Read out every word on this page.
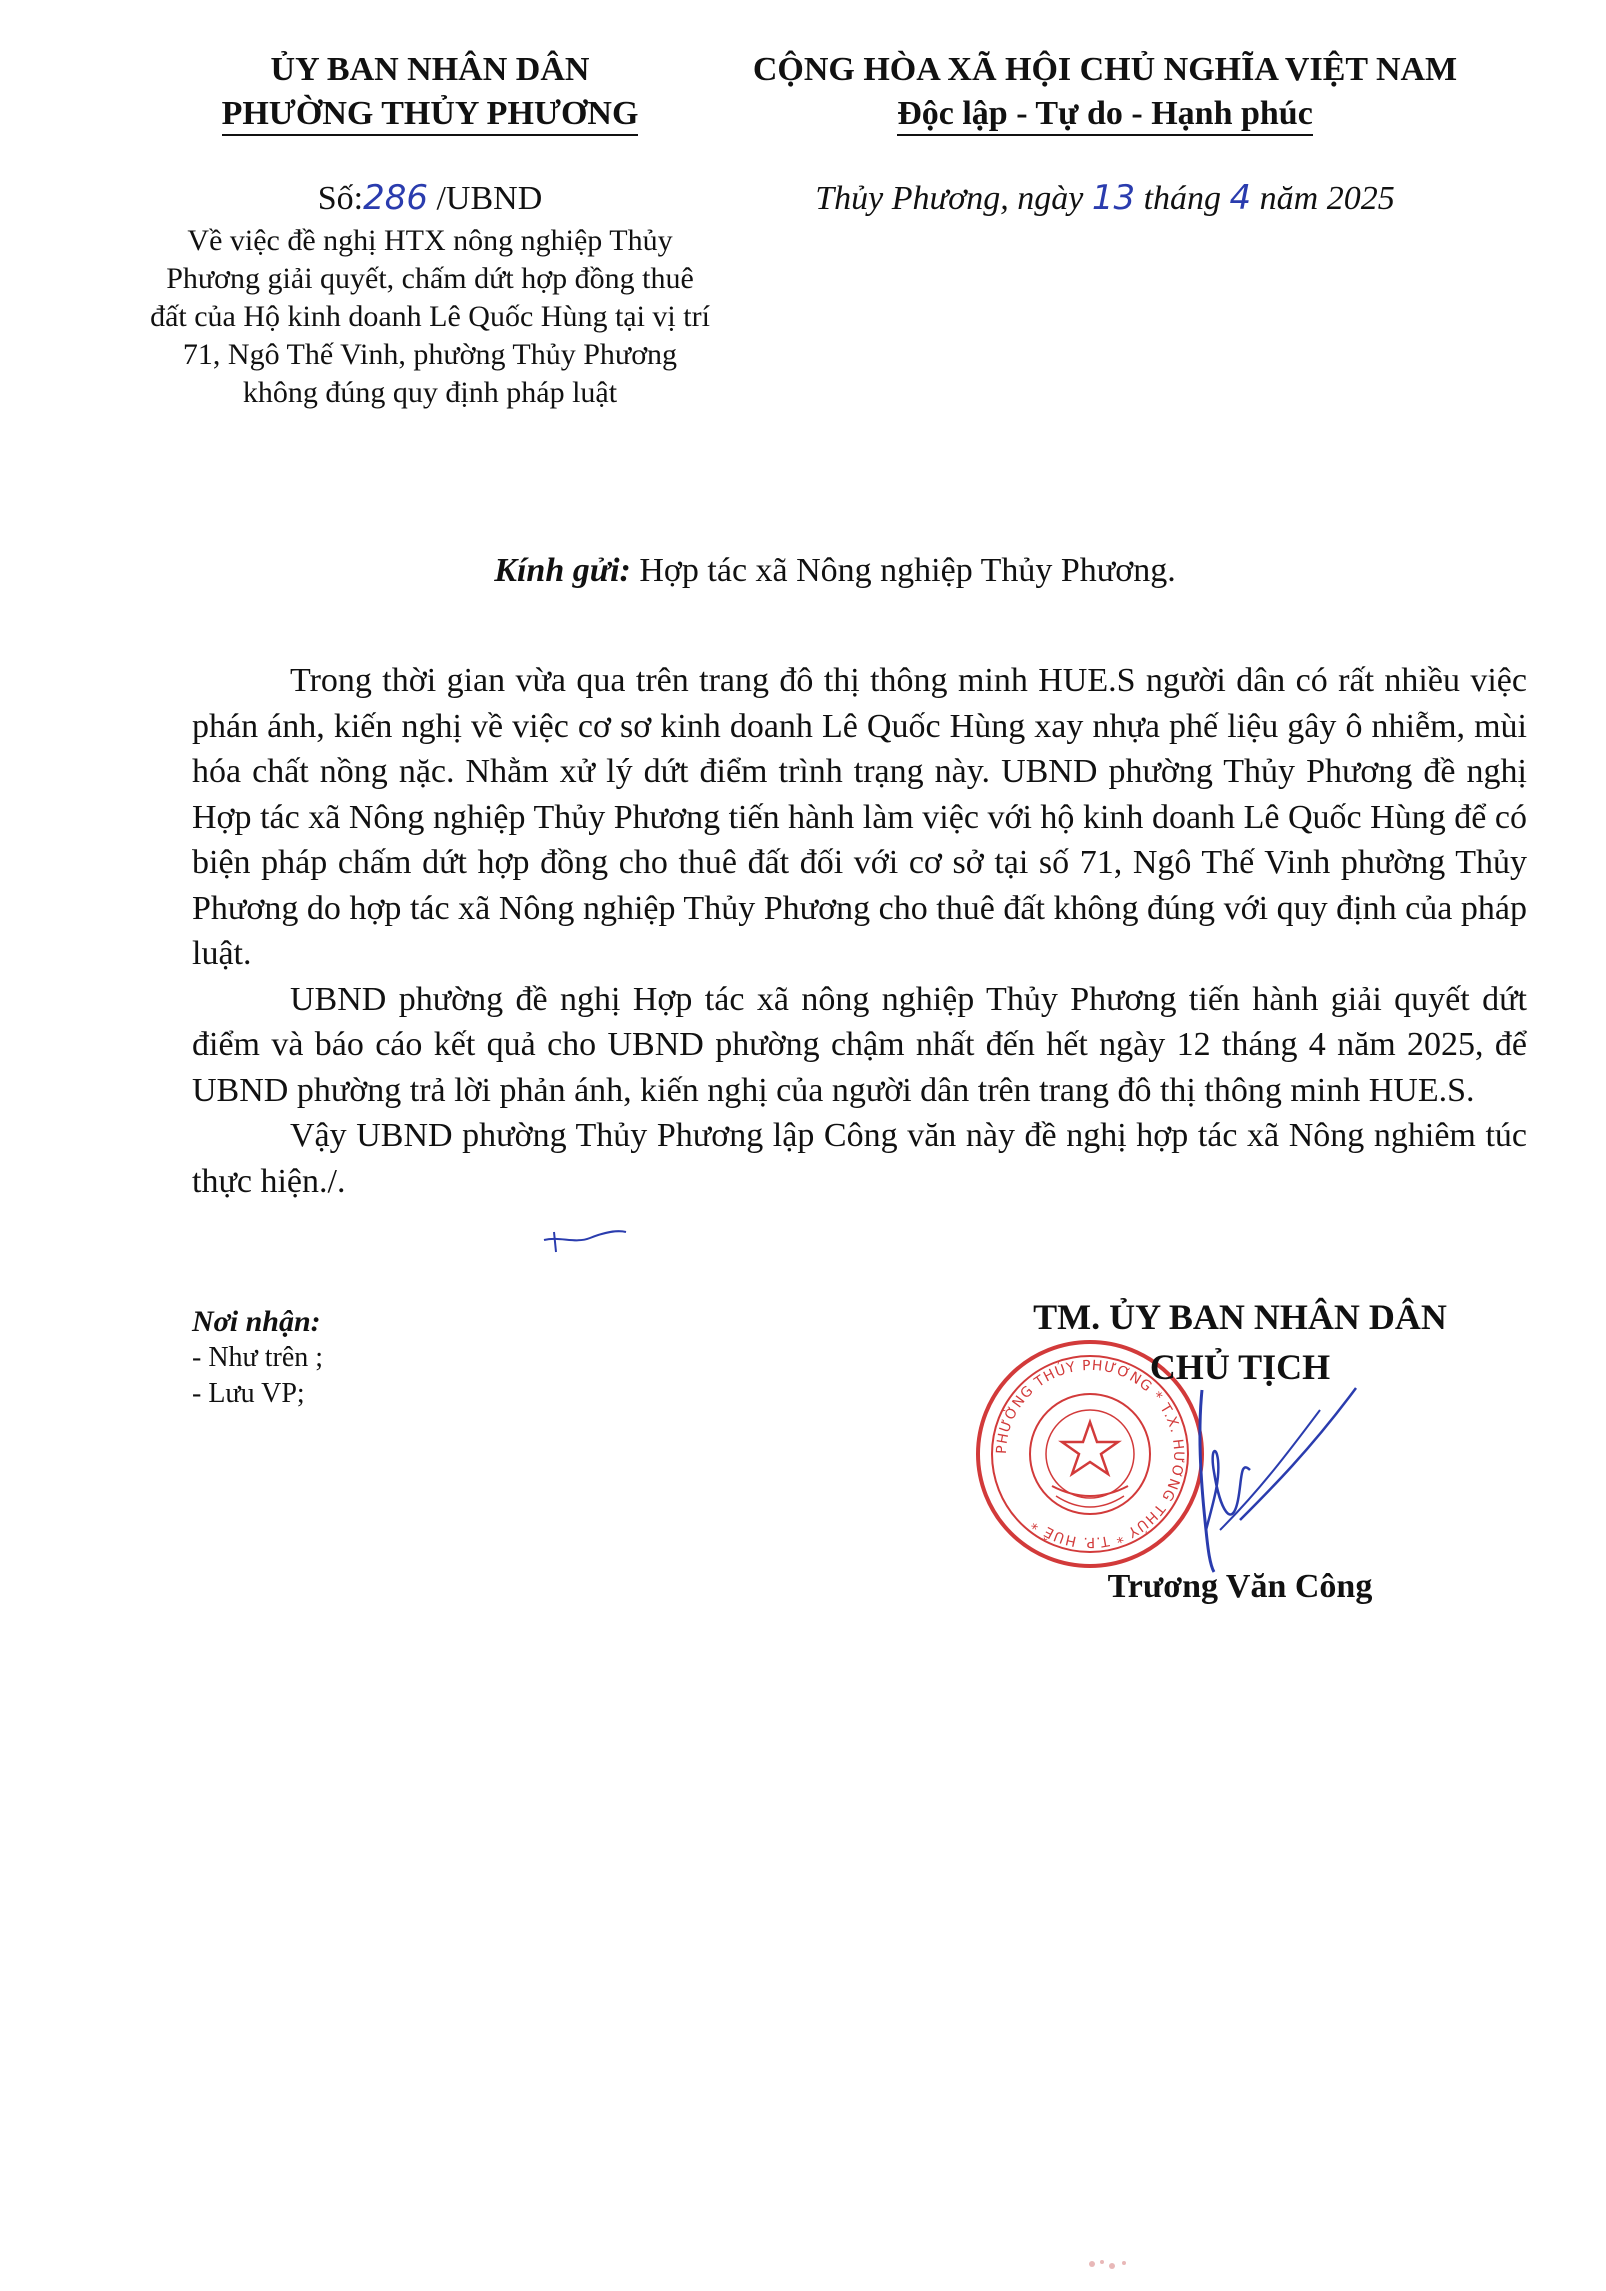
ỦY BAN NHÂN DÂN
PHƯỜNG THỦY PHƯƠNG
CỘNG HÒA XÃ HỘI CHỦ NGHĨA VIỆT NAM
Độc lập - Tự do - Hạnh phúc
Số:286 /UBND	Thủy Phương, ngày 13 tháng 4 năm 2025
Về việc đề nghị HTX nông nghiệp Thủy Phương giải quyết, chấm dứt hợp đồng thuê đất của Hộ kinh doanh Lê Quốc Hùng tại vị trí 71, Ngô Thế Vinh, phường Thủy Phương không đúng quy định pháp luật
Kính gửi: Hợp tác xã Nông nghiệp Thủy Phương.

Trong thời gian vừa qua trên trang đô thị thông minh HUE.S người dân có rất nhiều việc phán ánh, kiến nghị về việc cơ sơ kinh doanh Lê Quốc Hùng xay nhựa phế liệu gây ô nhiễm, mùi hóa chất nồng nặc. Nhằm xử lý dứt điểm trình trạng này. UBND phường Thủy Phương đề nghị Hợp tác xã Nông nghiệp Thủy Phương tiến hành làm việc với hộ kinh doanh Lê Quốc Hùng để có biện pháp chấm dứt hợp đồng cho thuê đất đối với cơ sở tại số 71, Ngô Thế Vinh phường Thủy Phương do hợp tác xã Nông nghiệp Thủy Phương cho thuê đất không đúng với quy định của pháp luật.

UBND phường đề nghị Hợp tác xã nông nghiệp Thủy Phương tiến hành giải quyết dứt điểm và báo cáo kết quả cho UBND phường chậm nhất đến hết ngày 12 tháng 4 năm 2025, để UBND phường trả lời phản ánh, kiến nghị của người dân trên trang đô thị thông minh HUE.S.

Vậy UBND phường Thủy Phương lập Công văn này đề nghị hợp tác xã Nông nghiêm túc thực hiện./.

Nơi nhận:
- Như trên ;
- Lưu VP;
PHƯỜNG THỦY PHƯƠNG * T.X. HƯƠNG THỦY * T.P. HUẾ *
TM. ỦY BAN NHÂN DÂN
CHỦ TỊCH
Trương Văn Công
